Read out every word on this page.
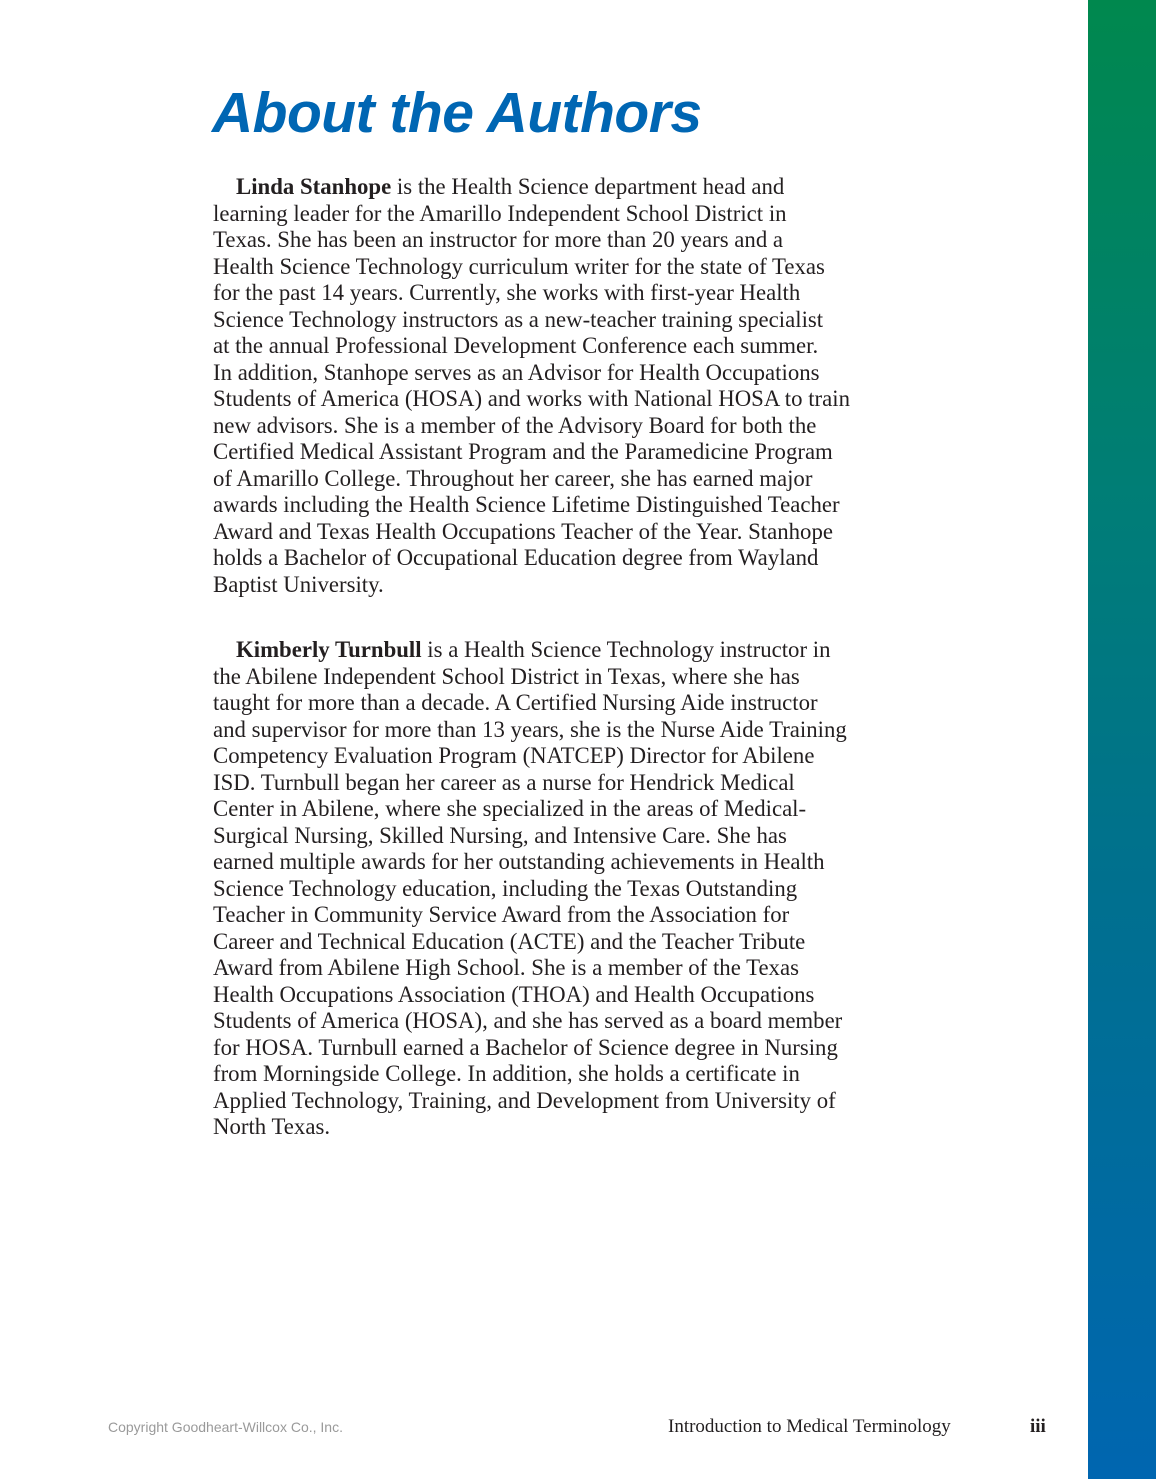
About the Authors
Linda Stanhope is the Health Science department head and
learning leader for the Amarillo Independent School District in
Texas. She has been an instructor for more than 20 years and a
Health Science Technology curriculum writer for the state of Texas
for the past 14 years. Currently, she works with first-year Health
Science Technology instructors as a new-teacher training specialist
at the annual Professional Development Conference each summer.
In addition, Stanhope serves as an Advisor for Health Occupations
Students of America (HOSA) and works with National HOSA to train
new advisors. She is a member of the Advisory Board for both the
Certified Medical Assistant Program and the Paramedicine Program
of Amarillo College. Throughout her career, she has earned major
awards including the Health Science Lifetime Distinguished Teacher
Award and Texas Health Occupations Teacher of the Year. Stanhope
holds a Bachelor of Occupational Education degree from Wayland
Baptist University.
Kimberly Turnbull is a Health Science Technology instructor in
the Abilene Independent School District in Texas, where she has
taught for more than a decade. A Certified Nursing Aide instructor
and supervisor for more than 13 years, she is the Nurse Aide Training
Competency Evaluation Program (NATCEP) Director for Abilene
ISD. Turnbull began her career as a nurse for Hendrick Medical
Center in Abilene, where she specialized in the areas of Medical-
Surgical Nursing, Skilled Nursing, and Intensive Care. She has
earned multiple awards for her outstanding achievements in Health
Science Technology education, including the Texas Outstanding
Teacher in Community Service Award from the Association for
Career and Technical Education (ACTE) and the Teacher Tribute
Award from Abilene High School. She is a member of the Texas
Health Occupations Association (THOA) and Health Occupations
Students of America (HOSA), and she has served as a board member
for HOSA. Turnbull earned a Bachelor of Science degree in Nursing
from Morningside College. In addition, she holds a certificate in
Applied Technology, Training, and Development from University of
North Texas.
Copyright Goodheart-Willcox Co., Inc.	Introduction to Medical Terminology	iii
